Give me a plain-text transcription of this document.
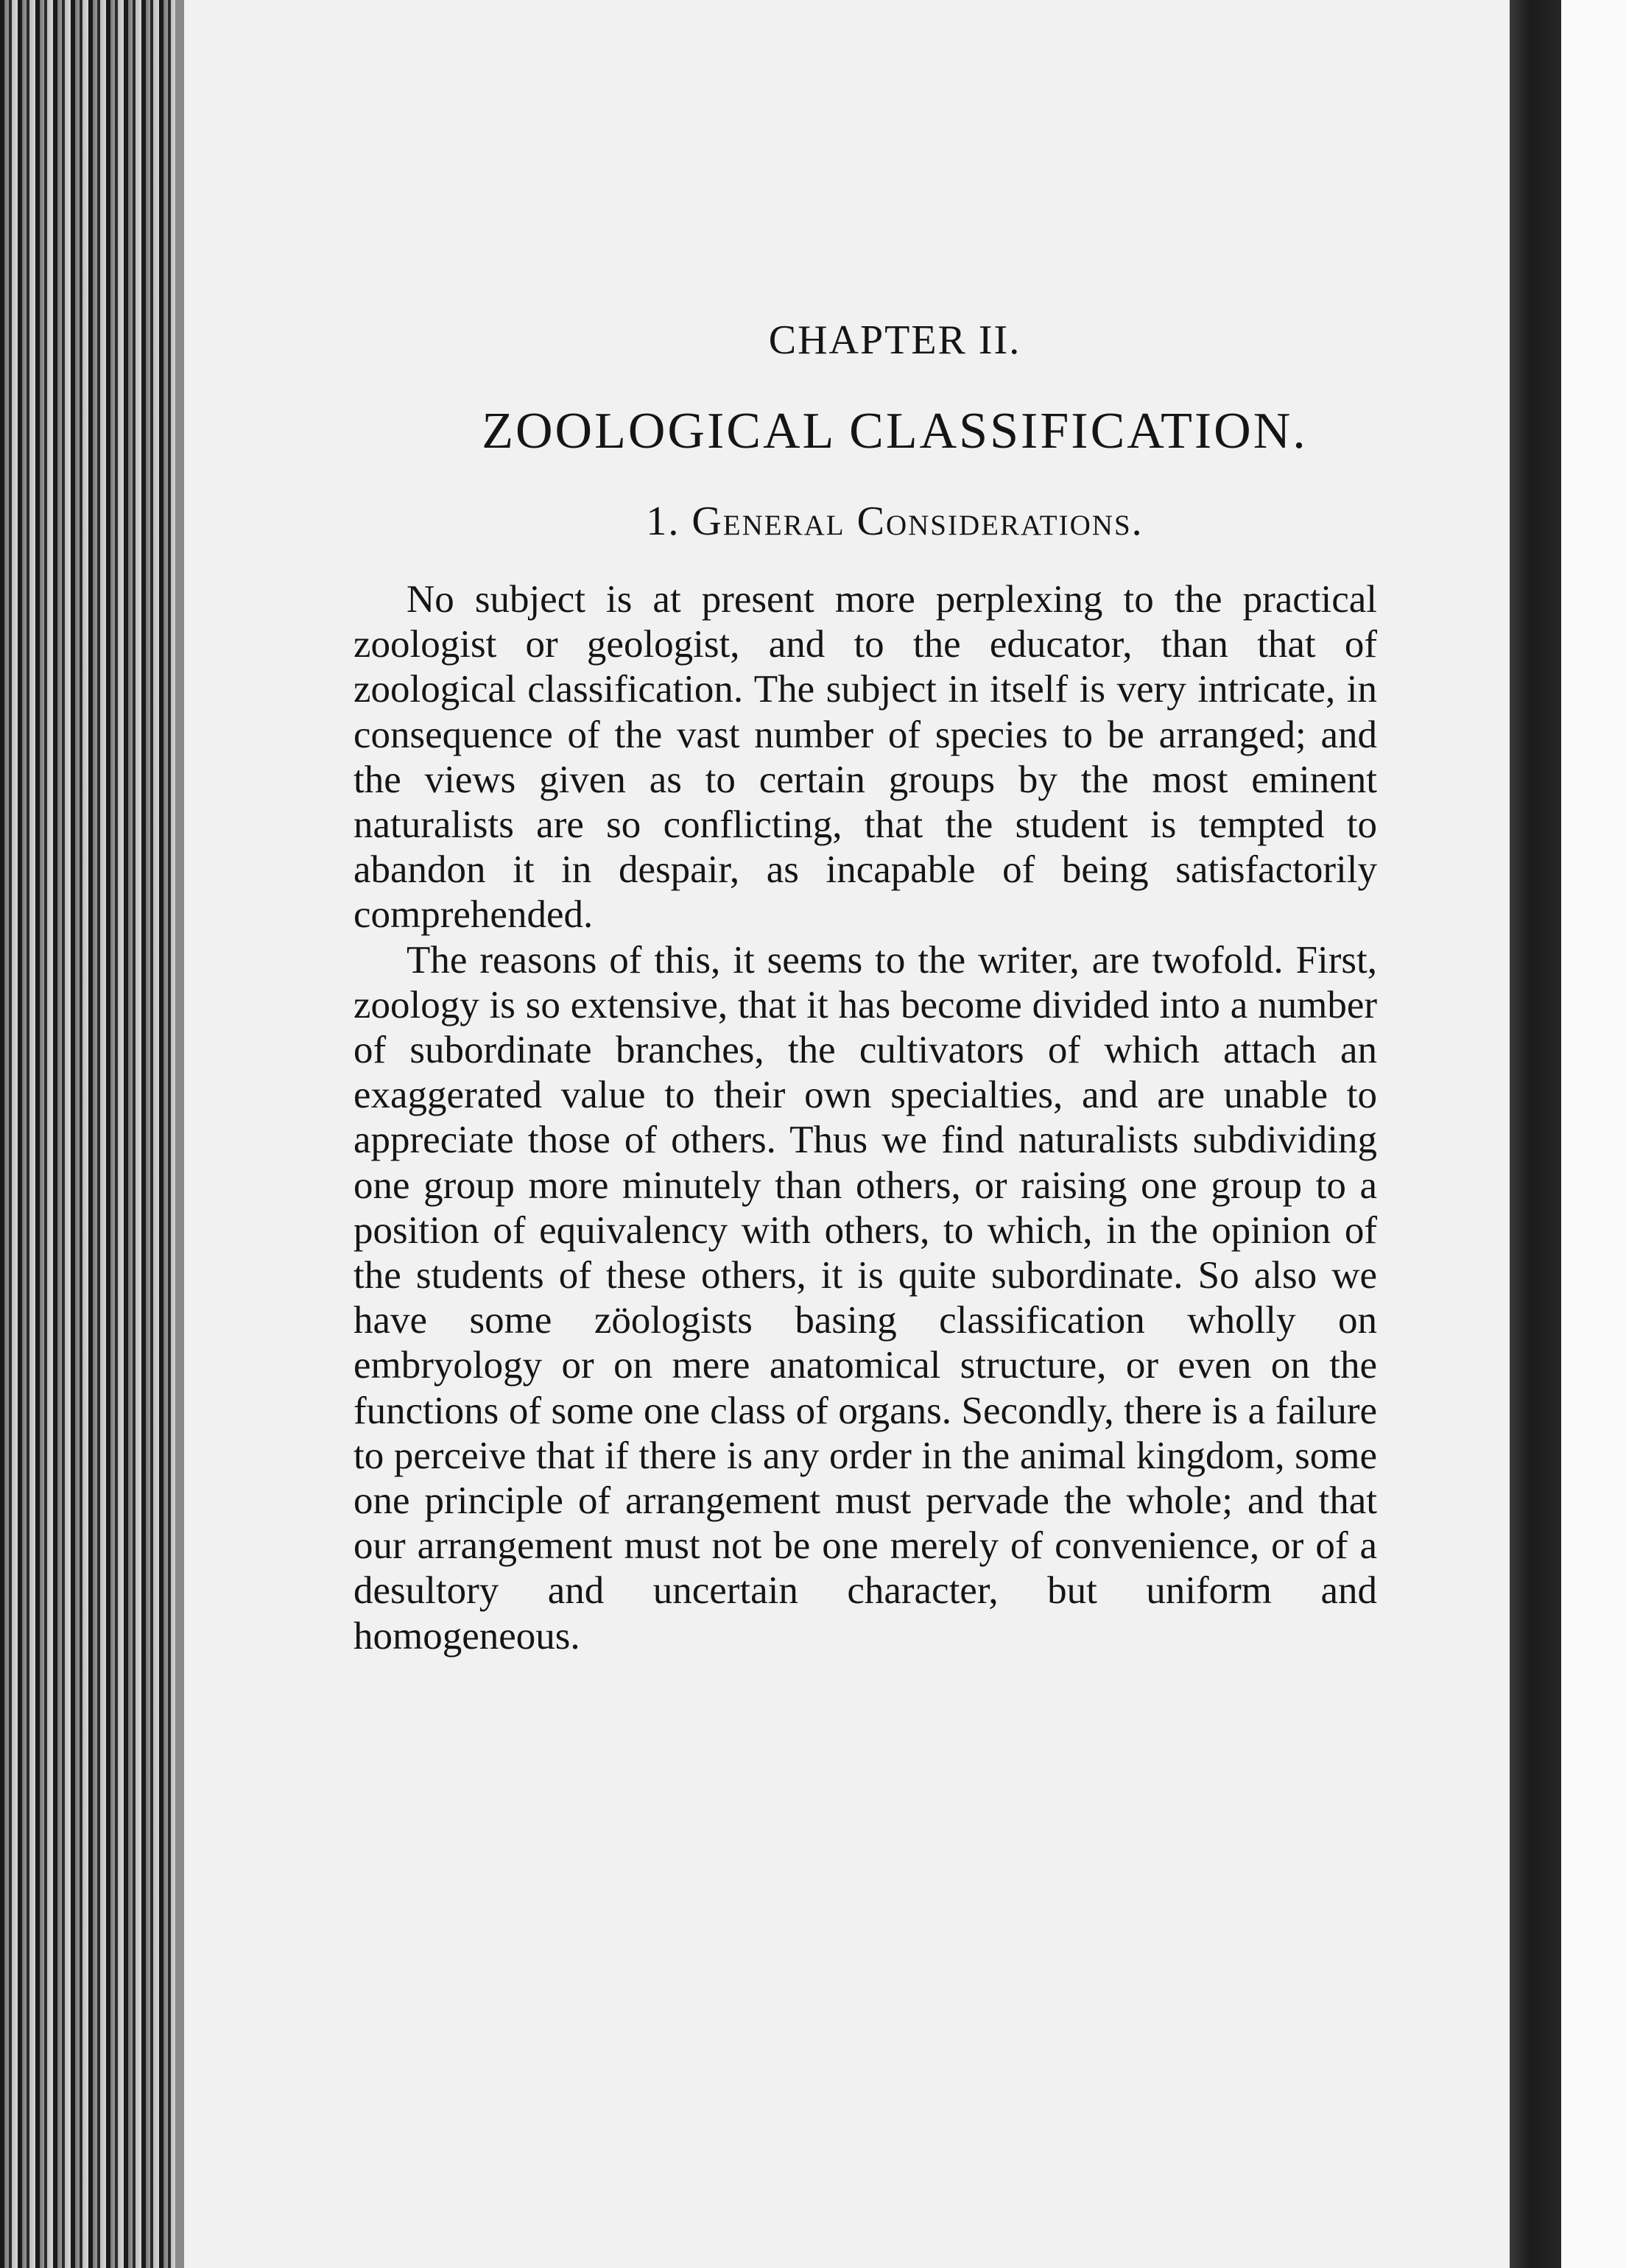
CHAPTER II.
ZOOLOGICAL CLASSIFICATION.
1. General Considerations.

No subject is at present more perplexing to the practical zoologist or geologist, and to the educator, than that of zoological classification. The subject in itself is very intricate, in consequence of the vast number of species to be arranged; and the views given as to certain groups by the most eminent naturalists are so conflicting, that the student is tempted to abandon it in despair, as incapable of being satisfactorily comprehended.

The reasons of this, it seems to the writer, are twofold. First, zoology is so extensive, that it has become divided into a number of subordinate branches, the cultivators of which attach an exaggerated value to their own specialties, and are unable to appreciate those of others. Thus we find naturalists subdividing one group more minutely than others, or raising one group to a position of equivalency with others, to which, in the opinion of the students of these others, it is quite subordinate. So also we have some zöologists basing classification wholly on embryology or on mere anatomical structure, or even on the functions of some one class of organs. Secondly, there is a failure to perceive that if there is any order in the animal kingdom, some one principle of arrangement must pervade the whole; and that our arrangement must not be one merely of convenience, or of a desultory and uncertain character, but uniform and homogeneous.
